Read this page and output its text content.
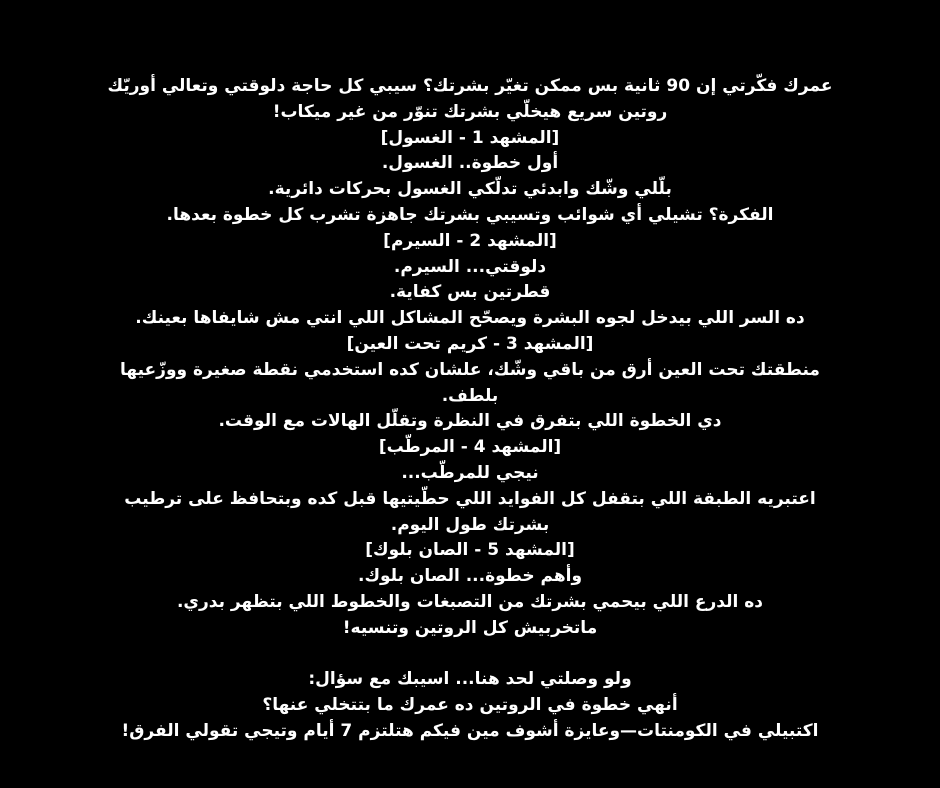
عمرك فكّرتي إن 90 ثانية بس ممكن تغيّر بشرتك؟ سيبي كل حاجة دلوقتي وتعالي أوريّك روتين سريع هيخلّي بشرتك تنوّر من غير ميكاب!
[المشهد 1 - الغسول]
أول خطوة.. الغسول.
بلّلي وشّك وابدئي تدلّكي الغسول بحركات دائرية.
الفكرة؟ تشيلي أي شوائب وتسيبي بشرتك جاهزة تشرب كل خطوة بعدها.
[المشهد 2 - السيرم]
دلوقتي... السيرم.
قطرتين بس كفاية.
ده السر اللي بيدخل لجوه البشرة ويصحّح المشاكل اللي انتي مش شايفاها بعينك.
[المشهد 3 - كريم تحت العين]
منطقتك تحت العين أرق من باقي وشّك، علشان كده استخدمي نقطة صغيرة ووزّعيها بلطف.
دي الخطوة اللي بتفرق في النظرة وتقلّل الهالات مع الوقت.
[المشهد 4 - المرطّب]
نيجي للمرطّب...
اعتبريه الطبقة اللي بتقفل كل الفوايد اللي حطّيتيها قبل كده وبتحافظ على ترطيب بشرتك طول اليوم.
[المشهد 5 - الصان بلوك]
وأهم خطوة... الصان بلوك.
ده الدرع اللي بيحمي بشرتك من التصبغات والخطوط اللي بتظهر بدري.
ماتخربيش كل الروتين وتنسيه!
ولو وصلتي لحد هنا... اسيبك مع سؤال:
أنهي خطوة في الروتين ده عمرك ما بتتخلي عنها؟
اكتبيلي في الكومنتات—وعايزة أشوف مين فيكم هتلتزم 7 أيام وتيجي تقولي الفرق!
